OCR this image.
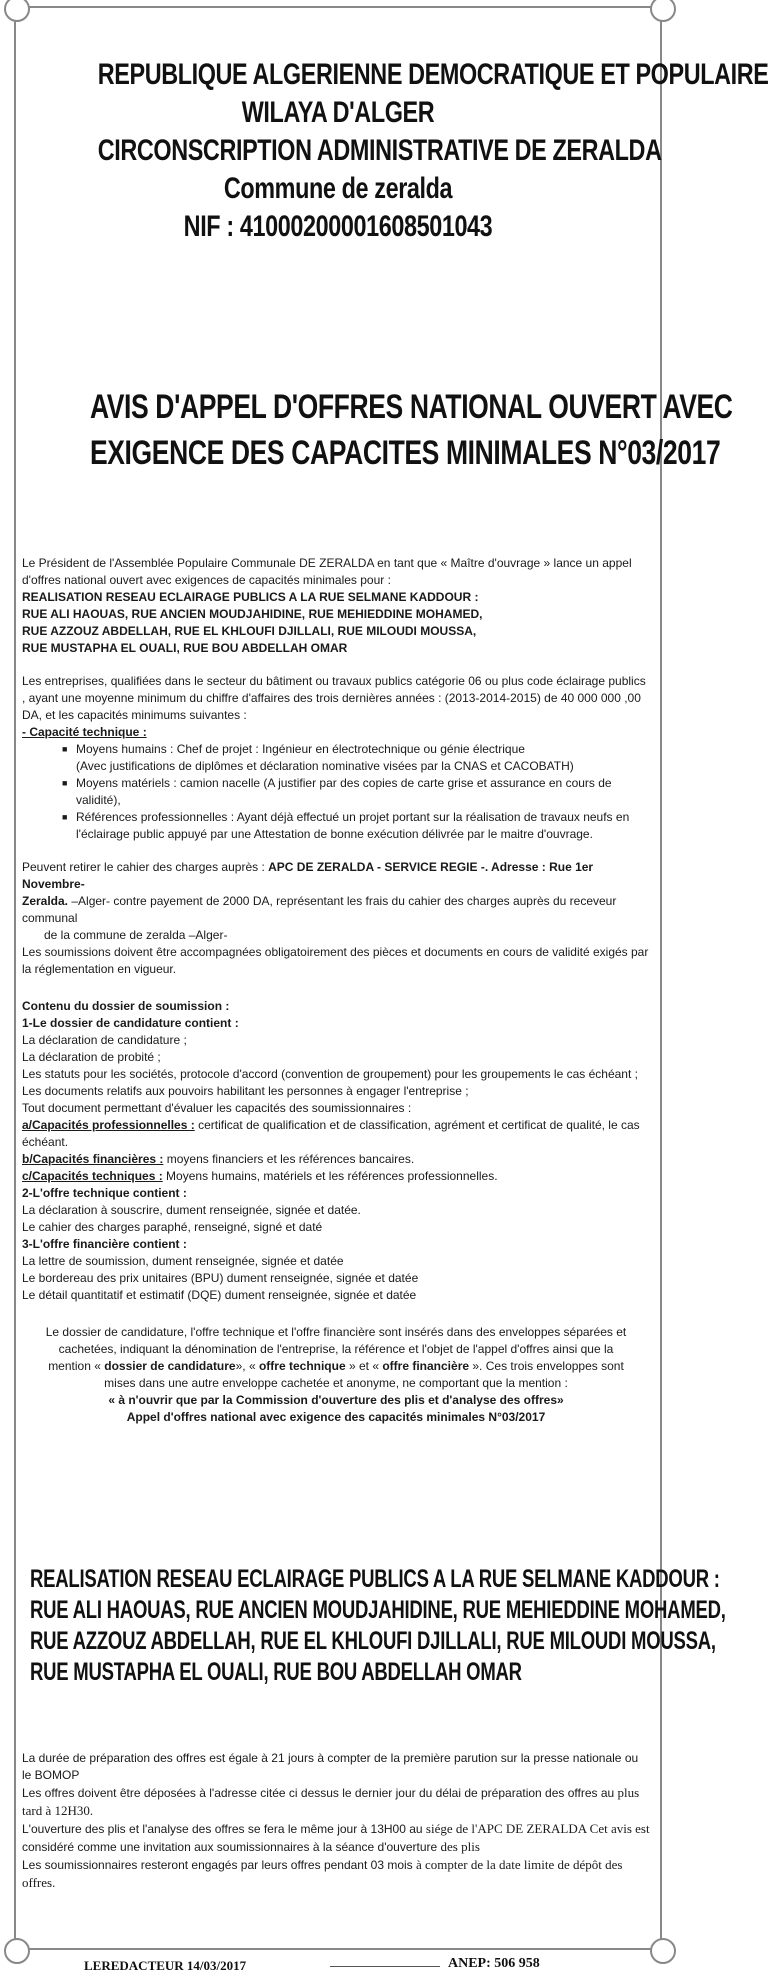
REPUBLIQUE ALGERIENNE DEMOCRATIQUE ET POPULAIRE
WILAYA D'ALGER
CIRCONSCRIPTION ADMINISTRATIVE DE ZERALDA
Commune de zeralda
NIF : 41000200001608501043
AVIS D'APPEL D'OFFRES NATIONAL OUVERT AVEC
EXIGENCE DES CAPACITES MINIMALES N°03/2017

Le Président de l'Assemblée Populaire Communale DE ZERALDA en tant que « Maître d'ouvrage » lance un appel d'offres national ouvert avec exigences de capacités minimales pour :

REALISATION RESEAU ECLAIRAGE PUBLICS A LA RUE SELMANE KADDOUR :

RUE ALI HAOUAS, RUE ANCIEN MOUDJAHIDINE, RUE MEHIEDDINE MOHAMED,

RUE AZZOUZ ABDELLAH, RUE EL KHLOUFI DJILLALI, RUE MILOUDI MOUSSA,

RUE MUSTAPHA EL OUALI, RUE BOU ABDELLAH OMAR

Les entreprises, qualifiées dans le secteur du bâtiment ou travaux publics catégorie 06 ou plus code éclairage publics , ayant une moyenne minimum du chiffre d'affaires des trois dernières années : (2013-2014-2015) de 40 000 000 ,00 DA, et les capacités minimums suivantes :

- Capacité technique :

■ Moyens humains : Chef de projet : Ingénieur en électrotechnique ou génie électrique
(Avec justifications de diplômes et déclaration nominative visées par la CNAS et CACOBATH)
■ Moyens matériels : camion nacelle (A justifier par des copies de carte grise et assurance en cours de validité),
■ Références professionnelles : Ayant déjà effectué un projet portant sur la réalisation de travaux neufs en
l'éclairage public appuyé par une Attestation de bonne exécution délivrée par le maitre d'ouvrage.

Peuvent retirer le cahier des charges auprès : APC DE ZERALDA - SERVICE REGIE -. Adresse : Rue 1er Novembre-

Zeralda. –Alger- contre payement de 2000 DA, représentant les frais du cahier des charges auprès du receveur communal

de la commune de zeralda –Alger-

Les soumissions doivent être accompagnées obligatoirement des pièces et documents en cours de validité exigés par la réglementation en vigueur.

Contenu du dossier de soumission :

1-Le dossier de candidature contient :

La déclaration de candidature ;

La déclaration de probité ;

Les statuts pour les sociétés, protocole d'accord (convention de groupement) pour les groupements le cas échéant ;

Les documents relatifs aux pouvoirs habilitant les personnes à engager l'entreprise ;

Tout document permettant d'évaluer les capacités des soumissionnaires :

a/Capacités professionnelles : certificat de qualification et de classification, agrément et certificat de qualité, le cas échéant.

b/Capacités financières : moyens financiers et les références bancaires.

c/Capacités techniques : Moyens humains, matériels et les références professionnelles.

2-L'offre technique contient :

La déclaration à souscrire, dument renseignée, signée et datée.

Le cahier des charges paraphé, renseigné, signé et daté

3-L'offre financière contient :

La lettre de soumission, dument renseignée, signée et datée

Le bordereau des prix unitaires (BPU) dument renseignée, signée et datée

Le détail quantitatif et estimatif (DQE) dument renseignée, signée et datée

Le dossier de candidature, l'offre technique et l'offre financière sont insérés dans des enveloppes séparées et cachetées, indiquant la dénomination de l'entreprise, la référence et l'objet de l'appel d'offres ainsi que la mention « dossier de candidature», « offre technique » et « offre financière ». Ces trois enveloppes sont mises dans une autre enveloppe cachetée et anonyme, ne comportant que la mention :

« à n'ouvrir que par la Commission d'ouverture des plis et d'analyse des offres»

Appel d'offres national avec exigence des capacités minimales N°03/2017

REALISATION RESEAU ECLAIRAGE PUBLICS A LA RUE SELMANE KADDOUR :
RUE ALI HAOUAS, RUE ANCIEN MOUDJAHIDINE, RUE MEHIEDDINE MOHAMED,
RUE AZZOUZ ABDELLAH, RUE EL KHLOUFI DJILLALI, RUE MILOUDI MOUSSA,
RUE MUSTAPHA EL OUALI, RUE BOU ABDELLAH OMAR

La durée de préparation des offres est égale à 21 jours à compter de la première parution sur la presse nationale ou le BOMOP

Les offres doivent être déposées à l'adresse citée ci dessus le dernier jour du délai de préparation des offres au plus tard à 12H30.

L'ouverture des plis et l'analyse des offres se fera le même jour à 13H00 au siége de l'APC DE ZERALDA Cet avis est considéré comme une invitation aux soumissionnaires à la séance d'ouverture des plis

Les soumissionnaires resteront engagés par leurs offres pendant 03 mois à compter de la date limite de dépôt des offres.

LEREDACTEUR 14/03/2017	ANEP: 506 958
